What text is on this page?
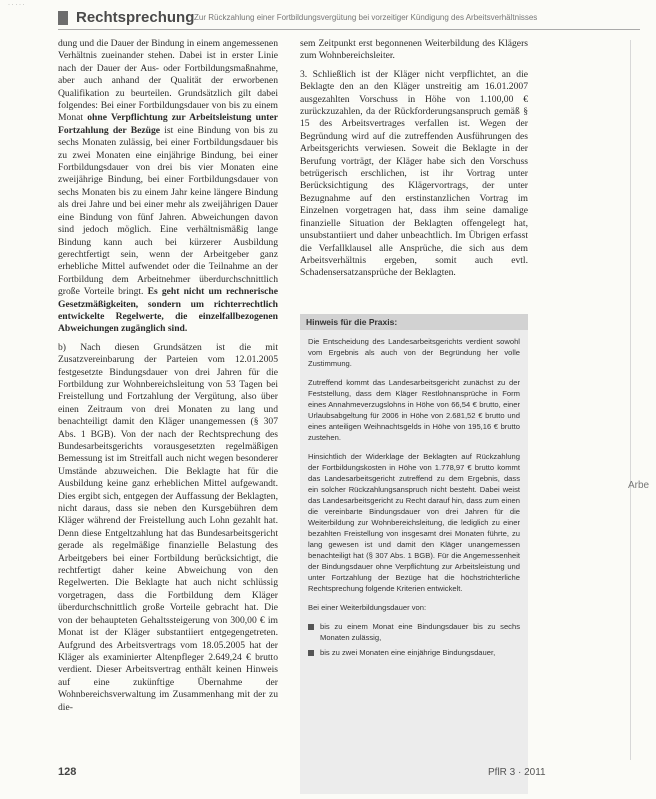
· · · · ·
Rechtsprechung Zur Rückzahlung einer Fortbildungsvergütung bei vorzeitiger Kündigung des Arbeitsverhältnisses

dung und die Dauer der Bindung in einem angemessenen Verhältnis zueinander stehen. Dabei ist in erster Linie nach der Dauer der Aus- oder Fortbildungsmaßnahme, aber auch anhand der Qualität der erworbenen Qualifikation zu beurteilen. Grundsätzlich gilt dabei folgendes: Bei einer Fortbildungsdauer von bis zu einem Monat ohne Verpflichtung zur Arbeitsleistung unter Fortzahlung der Bezüge ist eine Bindung von bis zu sechs Monaten zulässig, bei einer Fortbildungsdauer bis zu zwei Monaten eine einjährige Bindung, bei einer Fortbildungsdauer von drei bis vier Monaten eine zweijährige Bindung, bei einer Fortbildungsdauer von sechs Monaten bis zu einem Jahr keine längere Bindung als drei Jahre und bei einer mehr als zweijährigen Dauer eine Bindung von fünf Jahren. Abweichungen davon sind jedoch möglich. Eine verhältnismäßig lange Bindung kann auch bei kürzerer Ausbildung gerechtfertigt sein, wenn der Arbeitgeber ganz erhebliche Mittel aufwendet oder die Teilnahme an der Fortbildung dem Arbeitnehmer überdurchschnittlich große Vorteile bringt. Es geht nicht um rechnerische Gesetzmäßigkeiten, sondern um richterrechtlich entwickelte Regelwerte, die einzelfallbezogenen Abweichungen zugänglich sind.

b) Nach diesen Grundsätzen ist die mit Zusatzvereinbarung der Parteien vom 12.01.2005 festgesetzte Bindungsdauer von drei Jahren für die Fortbildung zur Wohnbereichsleitung von 53 Tagen bei Freistellung und Fortzahlung der Vergütung, also über einen Zeitraum von drei Monaten zu lang und benachteiligt damit den Kläger unangemessen (§ 307 Abs. 1 BGB). Von der nach der Rechtsprechung des Bundesarbeitsgerichts vorausgesetzten regelmäßigen Bemessung ist im Streitfall auch nicht wegen besonderer Umstände abzuweichen. Die Beklagte hat für die Ausbildung keine ganz erheblichen Mittel aufgewandt. Dies ergibt sich, entgegen der Auffassung der Beklagten, nicht daraus, dass sie neben den Kursgebühren dem Kläger während der Freistellung auch Lohn gezahlt hat. Denn diese Entgeltzahlung hat das Bundesarbeitsgericht gerade als regelmäßige finanzielle Belastung des Arbeitgebers bei einer Fortbildung berücksichtigt, die rechtfertigt daher keine Abweichung von den Regelwerten. Die Beklagte hat auch nicht schlüssig vorgetragen, dass die Fortbildung dem Kläger überdurchschnittlich große Vorteile gebracht hat. Die von der behaupteten Gehaltssteigerung von 300,00 € im Monat ist der Kläger substantiiert entgegengetreten. Aufgrund des Arbeitsvertrags vom 18.05.2005 hat der Kläger als examinierter Altenpfleger 2.649,24 € brutto verdient. Dieser Arbeitsvertrag enthält keinen Hinweis auf eine zukünftige Übernahme der Wohnbereichsverwaltung im Zusammenhang mit der zu die-

sem Zeitpunkt erst begonnenen Weiterbildung des Klägers zum Wohnbereichsleiter.

3. Schließlich ist der Kläger nicht verpflichtet, an die Beklagte den an den Kläger unstreitig am 16.01.2007 ausgezahlten Vorschuss in Höhe von 1.100,00 € zurückzuzahlen, da der Rückforderungsanspruch gemäß § 15 des Arbeitsvertrages verfallen ist. Wegen der Begründung wird auf die zutreffenden Ausführungen des Arbeitsgerichts verwiesen. Soweit die Beklagte in der Berufung vorträgt, der Kläger habe sich den Vorschuss betrügerisch erschlichen, ist ihr Vortrag unter Berücksichtigung des Klägervortrags, der unter Bezugnahme auf den erstinstanzlichen Vortrag im Einzelnen vorgetragen hat, dass ihm seine damalige finanzielle Situation der Beklagten offengelegt hat, unsubstantiiert und daher unbeachtlich. Im Übrigen erfasst die Verfallklausel alle Ansprüche, die sich aus dem Arbeitsverhältnis ergeben, somit auch evtl. Schadensersatzansprüche der Beklagten.

Hinweis für die Praxis:

Die Entscheidung des Landesarbeitsgerichts verdient sowohl vom Ergebnis als auch von der Begründung her volle Zustimmung.

Zutreffend kommt das Landesarbeitsgericht zunächst zu der Feststellung, dass dem Kläger Restlohnansprüche in Form eines Annahmeverzugslohns in Höhe von 66,54 € brutto, einer Urlaubsabgeltung für 2006 in Höhe von 2.681,52 € brutto und eines anteiligen Weihnachtsgelds in Höhe von 195,16 € brutto zustehen.

Hinsichtlich der Widerklage der Beklagten auf Rückzahlung der Fortbildungskosten in Höhe von 1.778,97 € brutto kommt das Landesarbeitsgericht zutreffend zu dem Ergebnis, dass ein solcher Rückzahlungsanspruch nicht besteht. Dabei weist das Landesarbeitsgericht zu Recht darauf hin, dass zum einen die vereinbarte Bindungsdauer von drei Jahren für die Weiterbildung zur Wohnbereichsleitung, die lediglich zu einer bezahlten Freistellung von insgesamt drei Monaten führte, zu lang gewesen ist und damit den Kläger unangemessen benachteiligt hat (§ 307 Abs. 1 BGB). Für die Angemessenheit der Bindungsdauer ohne Verpflichtung zur Arbeitsleistung und unter Fortzahlung der Bezüge hat die höchstrichterliche Rechtsprechung folgende Kriterien entwickelt.

Bei einer Weiterbildungsdauer von:

bis zu einem Monat eine Bindungsdauer bis zu sechs Monaten zulässig,
bis zu zwei Monaten eine einjährige Bindungsdauer,
Arbe
128	PflR 3 · 2011
